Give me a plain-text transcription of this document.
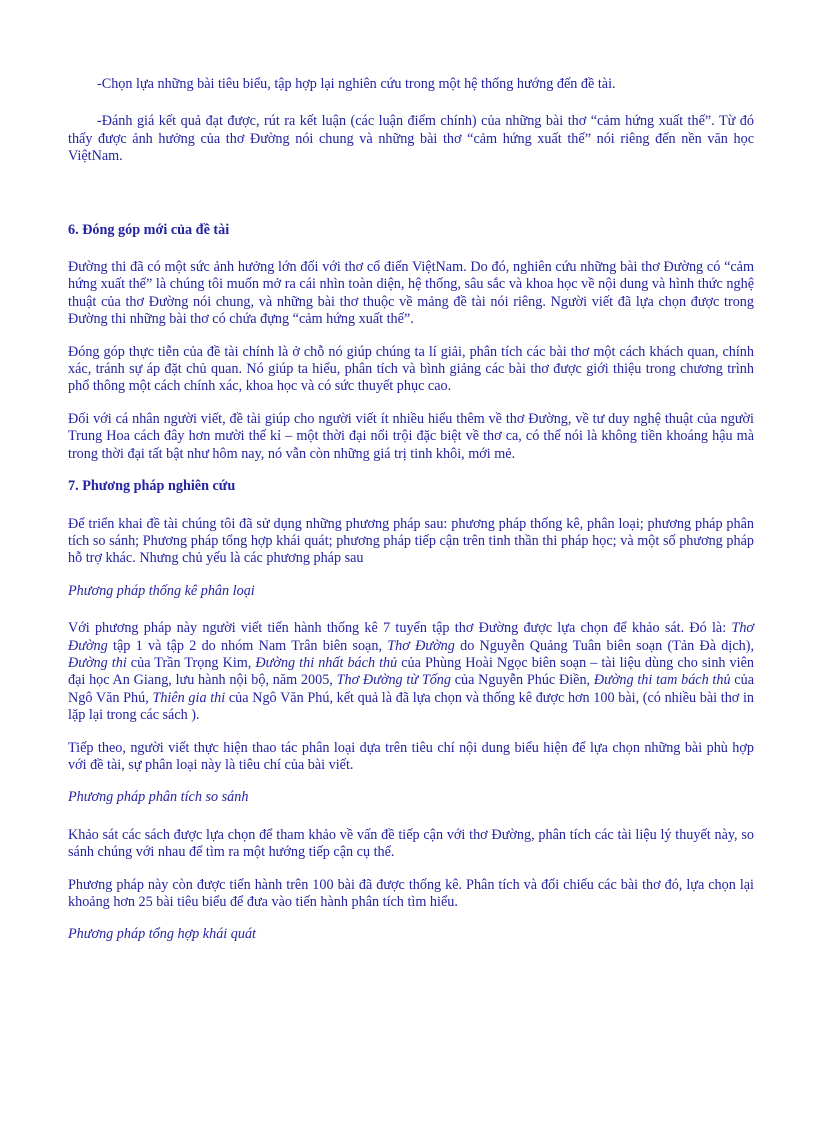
-Chọn lựa những bài tiêu biểu, tập hợp lại nghiên cứu trong một hệ thống hướng đến đề tài.

-Đánh giá kết quả đạt được, rút ra kết luận (các luận điểm chính) của những bài thơ “cảm hứng xuất thế”. Từ đó thấy được ảnh hưởng của thơ Đường nói chung và những bài thơ “cảm hứng xuất thế” nói riêng đến nền văn học ViệtNam.

6. Đóng góp mới của đề tài

Đường thi đã có một sức ảnh hưởng lớn đối với thơ cổ điển ViệtNam. Do đó, nghiên cứu những bài thơ Đường có “cảm hứng xuất thế” là chúng tôi muốn mở ra cái nhìn toàn diện, hệ thống, sâu sắc và khoa học về nội dung và hình thức nghệ thuật của thơ Đường nói chung, và những bài thơ thuộc về mảng đề tài nói riêng. Người viết đã lựa chọn được trong Đường thi những bài thơ có chứa đựng “cảm hứng xuất thế”.

Đóng góp thực tiễn của đề tài chính là ở chỗ nó giúp chúng ta lí giải, phân tích các bài thơ một cách khách quan, chính xác, tránh sự áp đặt chủ quan. Nó giúp ta hiểu, phân tích và bình giảng các bài thơ được giới thiệu trong chương trình phổ thông một cách chính xác, khoa học và có sức thuyết phục cao.

Đối với cá nhân người viết, đề tài giúp cho người viết ít nhiều hiểu thêm về thơ Đường, về tư duy nghệ thuật của người Trung Hoa cách đây hơn mười thế kỉ – một thời đại nổi trội đặc biệt về thơ ca, có thể nói là không tiền khoáng hậu mà trong thời đại tất bật như hôm nay, nó vẫn còn những giá trị tinh khôi, mới mẻ.

7. Phương pháp nghiên cứu

Để triển khai đề tài chúng tôi đã sử dụng những phương pháp sau: phương pháp thống kê, phân loại; phương pháp phân tích so sánh; Phương pháp tổng hợp khái quát; phương pháp tiếp cận trên tinh thần thi pháp học; và một số phương pháp hỗ trợ khác. Nhưng chủ yếu là các phương pháp sau

Phương pháp thống kê phân loại

Với phương pháp này người viết tiến hành thống kê 7 tuyển tập thơ Đường được lựa chọn để khảo sát. Đó là: Thơ Đường tập 1 và tập 2 do nhóm Nam Trân biên soạn, Thơ Đường do Nguyễn Quảng Tuân biên soạn (Tản Đà dịch), Đường thi của Trần Trọng Kim, Đường thi nhất bách thủ của Phùng Hoài Ngọc biên soạn – tài liệu dùng cho sinh viên đại học An Giang, lưu hành nội bộ, năm 2005, Thơ Đường từ Tống của Nguyễn Phúc Điền, Đường thi tam bách thủ của Ngô Văn Phú, Thiên gia thi của Ngô Văn Phú, kết quả là đã lựa chọn và thống kê được hơn 100 bài, (có nhiều bài thơ in lặp lại trong các sách ).

Tiếp theo, người viết thực hiện thao tác phân loại dựa trên tiêu chí nội dung biểu hiện để lựa chọn những bài phù hợp với đề tài, sự phân loại này là tiêu chí của bài viết.

Phương pháp phân tích so sánh

Khảo sát các sách được lựa chọn để tham khảo về vấn đề tiếp cận với thơ Đường, phân tích các tài liệu lý thuyết này, so sánh chúng với nhau để tìm ra một hướng tiếp cận cụ thể.

Phương pháp này còn được tiến hành trên 100 bài đã được thống kê. Phân tích và đối chiếu các bài thơ đó, lựa chọn lại khoảng hơn 25 bài tiêu biểu để đưa vào tiến hành phân tích tìm hiểu.

Phương pháp tổng hợp khái quát
